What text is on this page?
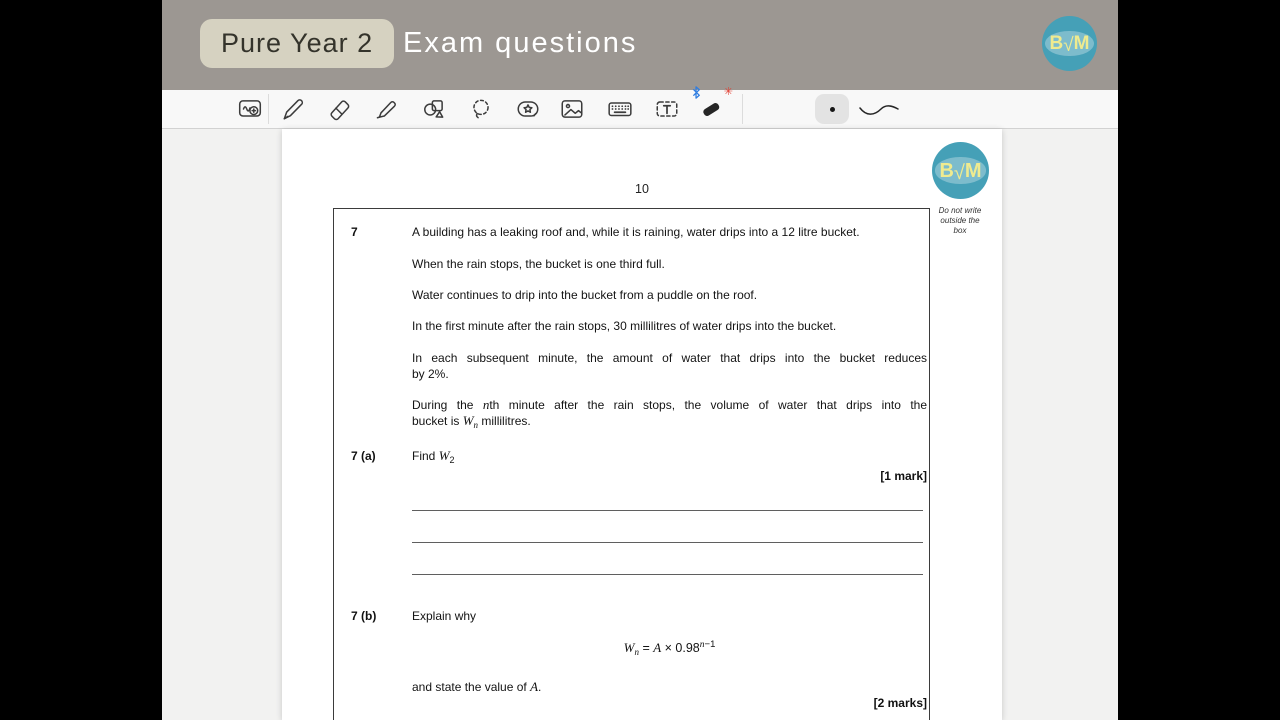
Pure Year 2 Exam questions	B√M
✳
10
B√M
Do not write
outside the
box
7	A building has a leaking roof and, while it is raining, water drips into a 12 litre bucket.
When the rain stops, the bucket is one third full.
Water continues to drip into the bucket from a puddle on the roof.
In the first minute after the rain stops, 30 millilitres of water drips into the bucket.
In each subsequent minute, the amount of water that drips into the bucket reduces
by 2%.
During the nth minute after the rain stops, the volume of water that drips into the
bucket is $W_n$ millilitres.
7 (a)	Find $W_2$
[1 mark]
7 (b)	Explain why
$W_n = A \times 0.98^{n-1}$
and state the value of A.
[2 marks]
